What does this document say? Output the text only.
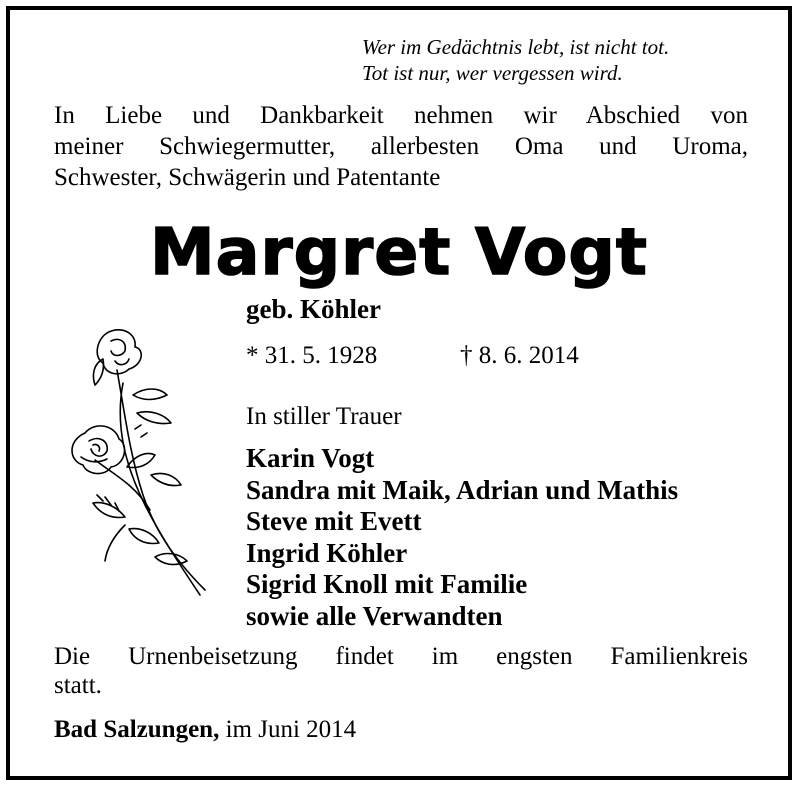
Wer im Gedächtnis lebt, ist nicht tot.
Tot ist nur, wer vergessen wird.
In Liebe und Dankbarkeit nehmen wir Abschied von
meiner Schwiegermutter, allerbesten Oma und Uroma,
Schwester, Schwägerin und Patentante
Margret Vogt
geb. Köhler
* 31. 5. 1928	† 8. 6. 2014
In stiller Trauer
Karin Vogt
Sandra mit Maik, Adrian und Mathis
Steve mit Evett
Ingrid Köhler
Sigrid Knoll mit Familie
sowie alle Verwandten
Die Urnenbeisetzung findet im engsten Familienkreis
statt.
Bad Salzungen, im Juni 2014
